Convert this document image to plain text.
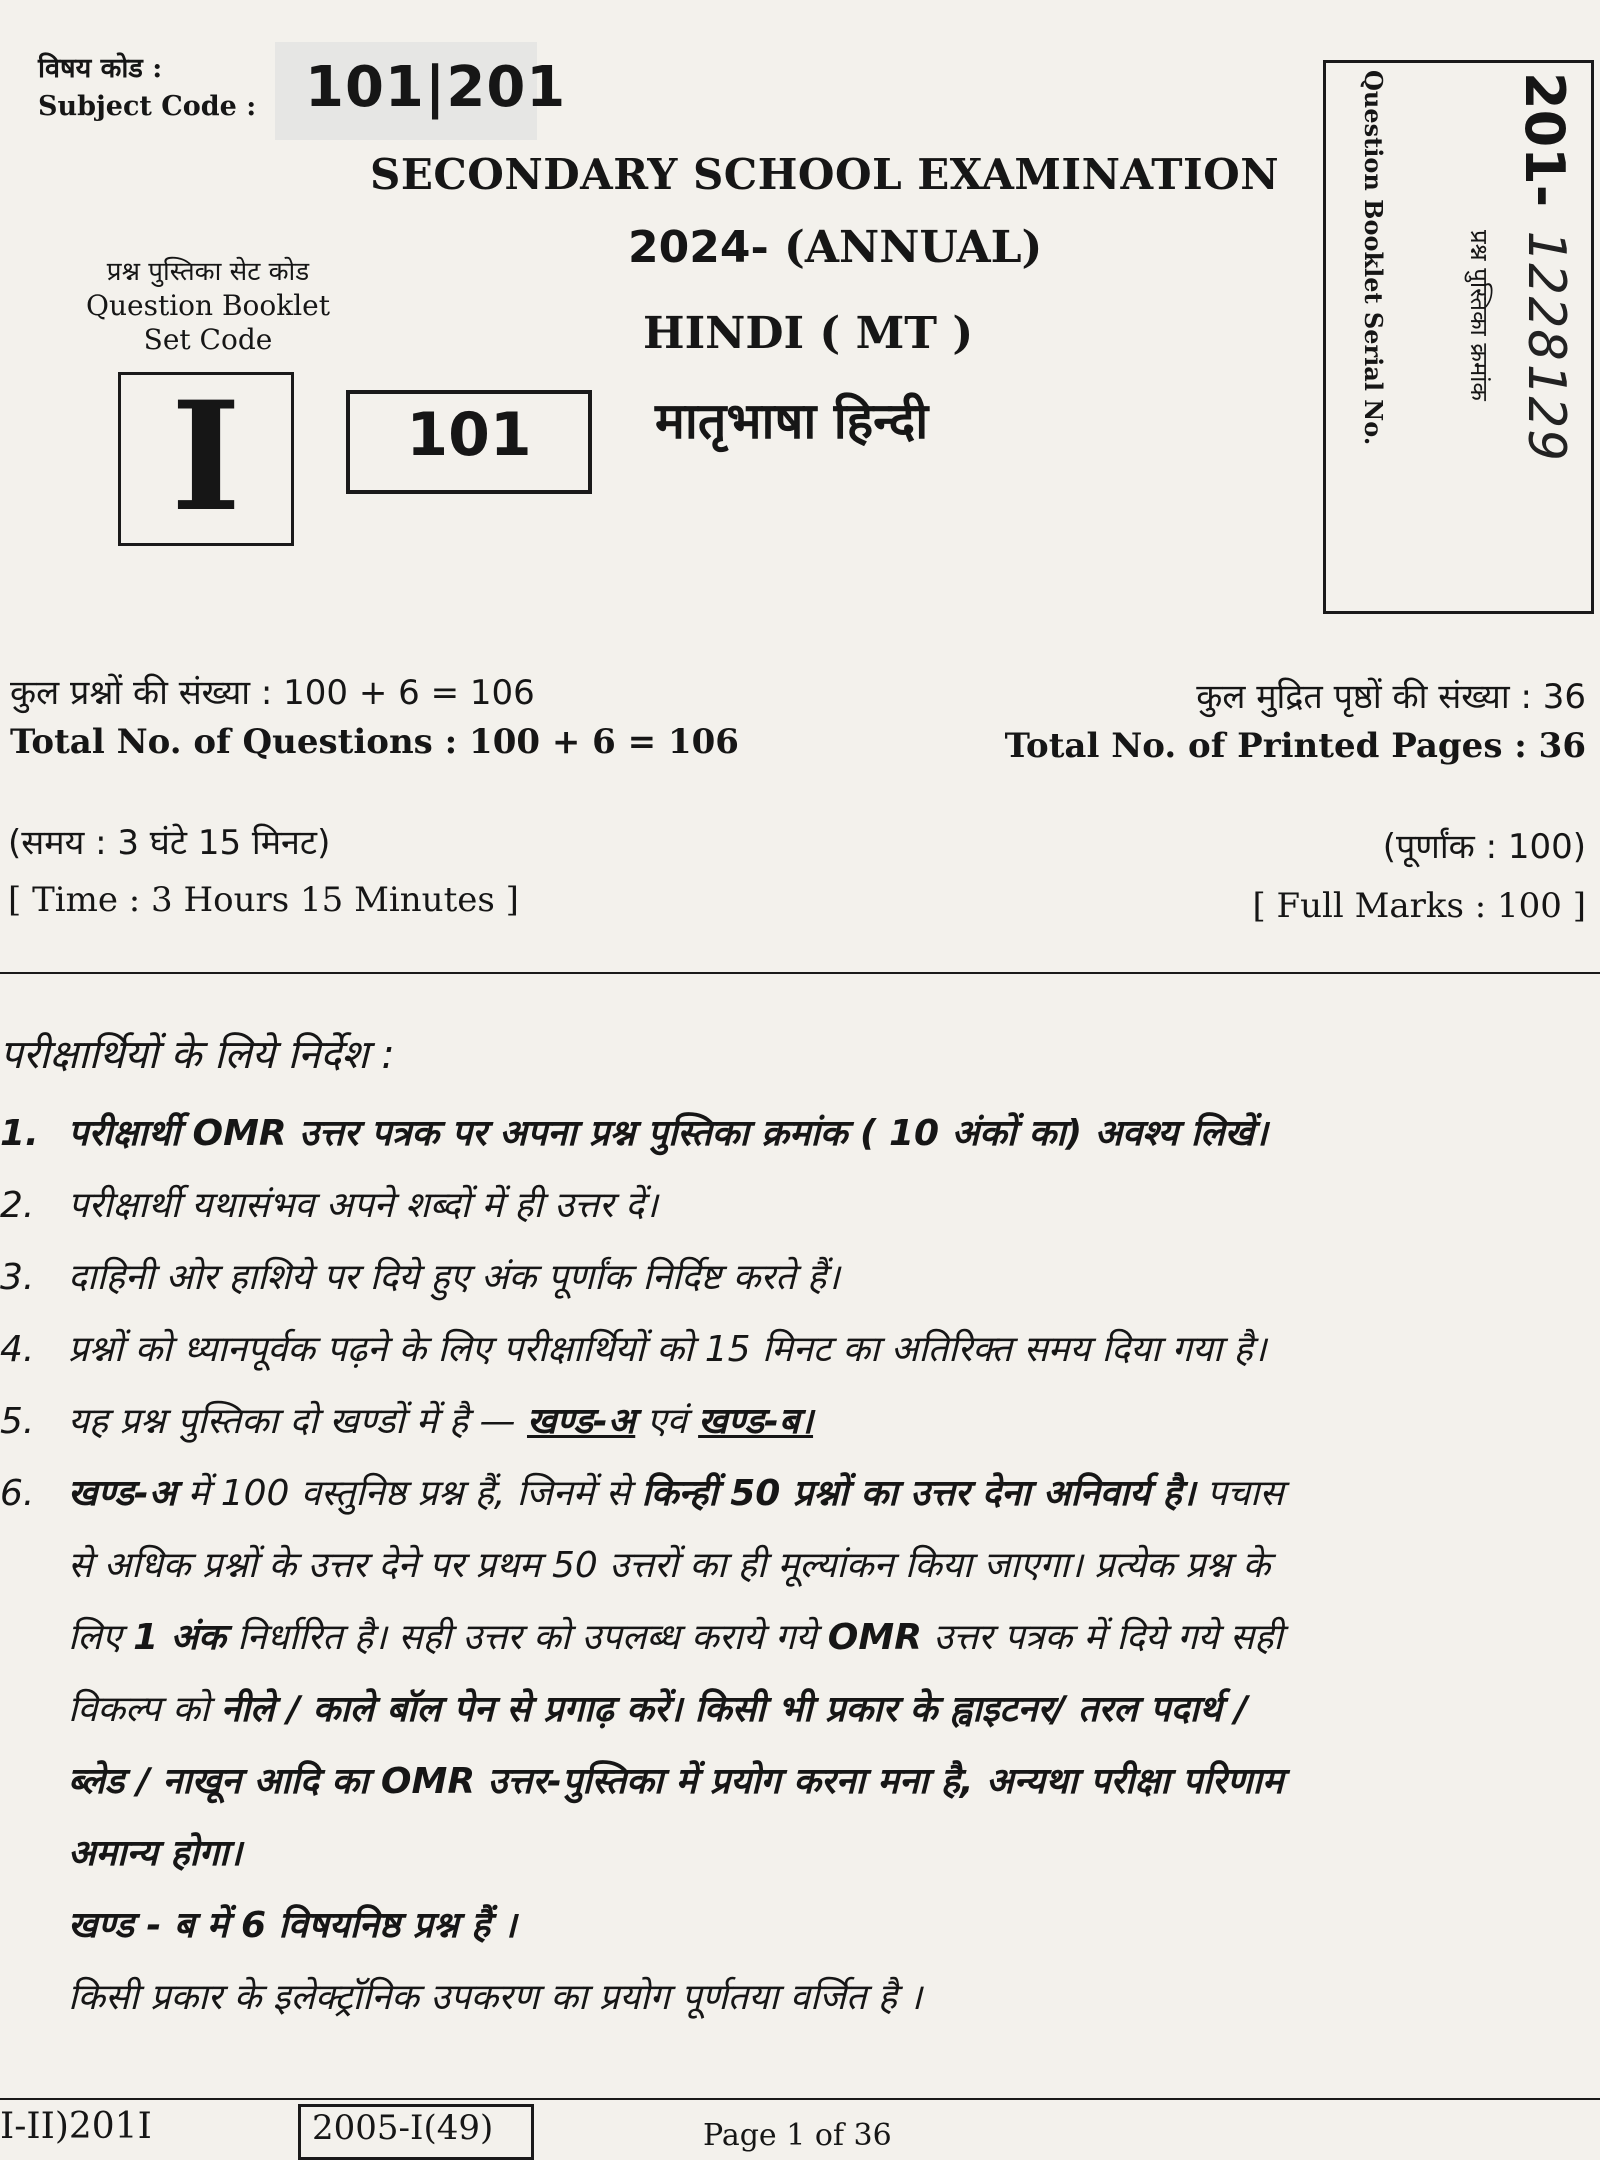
विषय कोड :
Subject Code : 101|201
SECONDARY SCHOOL EXAMINATION
2024- (ANNUAL)
HINDI ( MT )
मातृभाषा हिन्दी
प्रश्न पुस्तिका सेट कोड
Question Booklet
Set Code
I	101
201-
1228129
प्रश्न पुस्तिका क्रमांक
Question Booklet Serial No.
कुल प्रश्नों की संख्या : 100 + 6 = 106
Total No. of Questions : 100 + 6 = 106
कुल मुद्रित पृष्ठों की संख्या : 36
Total No. of Printed Pages : 36
(समय : 3 घंटे 15 मिनट)
[ Time : 3 Hours 15 Minutes ]
(पूर्णांक : 100)
[ Full Marks : 100 ]
परीक्षार्थियों के लिये निर्देश :
1. परीक्षार्थी OMR उत्तर पत्रक पर अपना प्रश्न पुस्तिका क्रमांक ( 10 अंकों का) अवश्य लिखें।
2. परीक्षार्थी यथासंभव अपने शब्दों में ही उत्तर दें।
3. दाहिनी ओर हाशिये पर दिये हुए अंक पूर्णांक निर्दिष्ट करते हैं।
4. प्रश्नों को ध्यानपूर्वक पढ़ने के लिए परीक्षार्थियों को 15 मिनट का अतिरिक्त समय दिया गया है।
5. यह प्रश्न पुस्तिका दो खण्डों में है — खण्ड-अ एवं खण्ड-ब।
6. खण्ड-अ में 100 वस्तुनिष्ठ प्रश्न हैं, जिनमें से किन्हीं 50 प्रश्नों का उत्तर देना अनिवार्य है। पचास
से अधिक प्रश्नों के उत्तर देने पर प्रथम 50 उत्तरों का ही मूल्यांकन किया जाएगा। प्रत्येक प्रश्न के
लिए 1 अंक निर्धारित है। सही उत्तर को उपलब्ध कराये गये OMR उत्तर पत्रक में दिये गये सही
विकल्प को नीले / काले बॉल पेन से प्रगाढ़ करें। किसी भी प्रकार के ह्वाइटनर/ तरल पदार्थ /
ब्लेड / नाखून आदि का OMR उत्तर-पुस्तिका में प्रयोग करना मना है, अन्यथा परीक्षा परिणाम
अमान्य होगा।
खण्ड - ब में 6 विषयनिष्ठ प्रश्न हैं ।
किसी प्रकार के इलेक्ट्रॉनिक उपकरण का प्रयोग पूर्णतया वर्जित है ।
I-II)201I	2005-I(49)	Page 1 of 36
